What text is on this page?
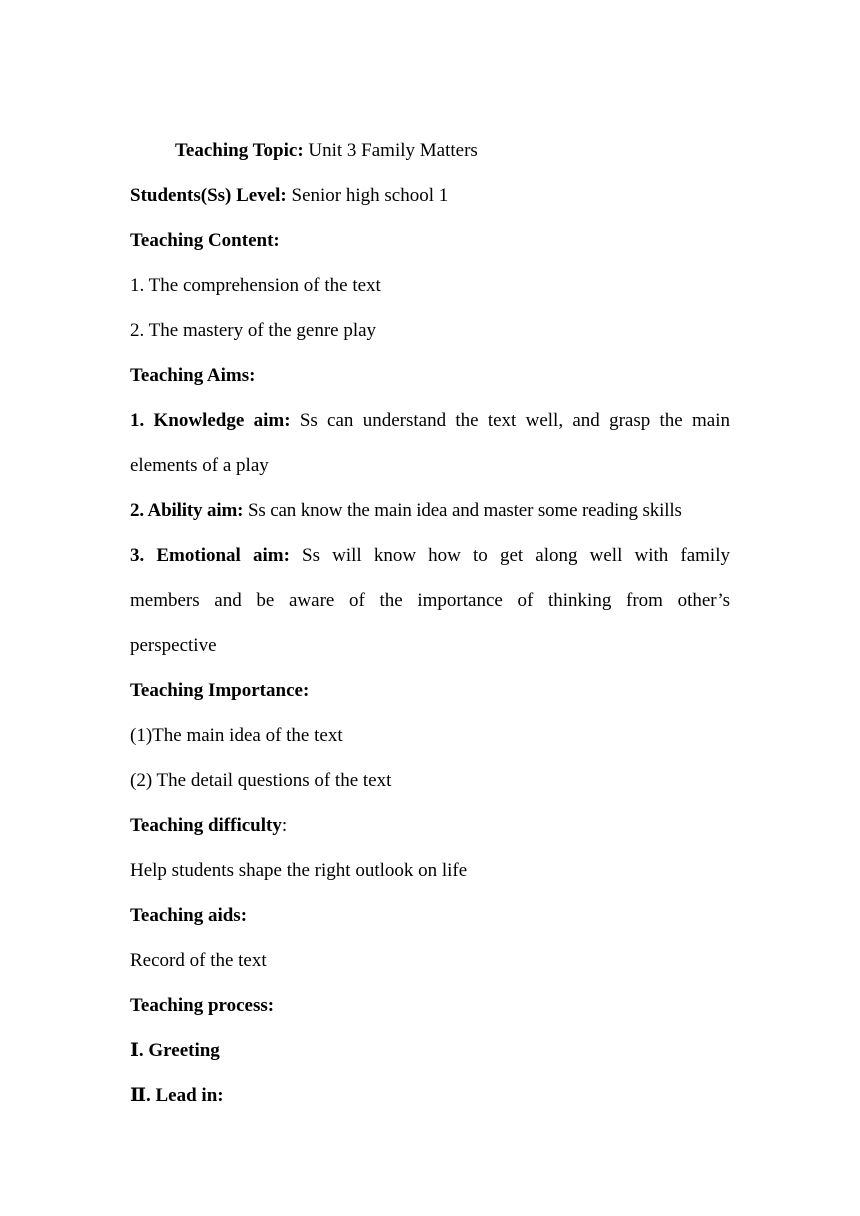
Teaching Topic: Unit 3 Family Matters
Students(Ss) Level: Senior high school 1
Teaching Content:
1. The comprehension of the text
2. The mastery of the genre play
Teaching Aims:
1. Knowledge aim: Ss can understand the text well, and grasp the main
elements of a play
2. Ability aim: Ss can know the main idea and master some reading skills
3. Emotional aim: Ss will know how to get along well with family
members and be aware of the importance of thinking from other’s
perspective
Teaching Importance:
(1)The main idea of the text
(2) The detail questions of the text
Teaching difficulty:
Help students shape the right outlook on life
Teaching aids:
Record of the text
Teaching process:
Ⅰ. Greeting
Ⅱ. Lead in:
